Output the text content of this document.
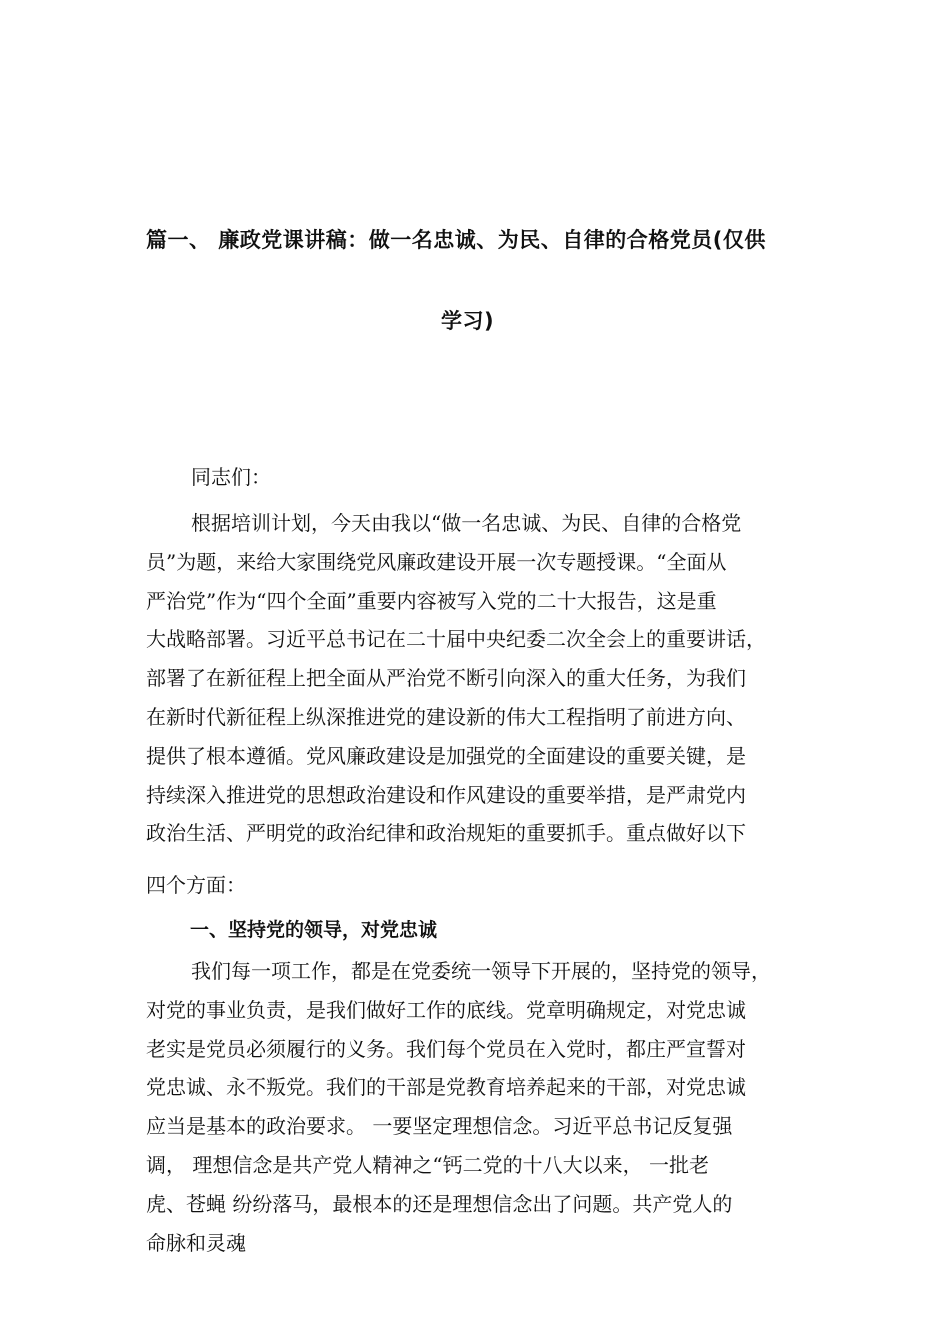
篇一、 廉政党课讲稿：做一名忠诚、为民、自律的合格党员(仅供
学习)
同志们：
根据培训计划，今天由我以“做一名忠诚、为民、自律的合格党
员”为题，来给大家围绕党风廉政建设开展一次专题授课。“全面从
严治党”作为“四个全面”重要内容被写入党的二十大报告，这是重
大战略部署。习近平总书记在二十届中央纪委二次全会上的重要讲话，
部署了在新征程上把全面从严治党不断引向深入的重大任务，为我们
在新时代新征程上纵深推进党的建设新的伟大工程指明了前进方向、
提供了根本遵循。党风廉政建设是加强党的全面建设的重要关键，是
持续深入推进党的思想政治建设和作风建设的重要举措，是严肃党内
政治生活、严明党的政治纪律和政治规矩的重要抓手。重点做好以下
四个方面：
一、坚持党的领导，对党忠诚
我们每一项工作，都是在党委统一领导下开展的，坚持党的领导，
对党的事业负责，是我们做好工作的底线。党章明确规定，对党忠诚
老实是党员必须履行的义务。我们每个党员在入党时，都庄严宣誓对
党忠诚、永不叛党。我们的干部是党教育培养起来的干部，对党忠诚
应当是基本的政治要求。 一要坚定理想信念。习近平总书记反复强
调， 理想信念是共产党人精神之“钙二党的十八大以来， 一批老
虎、苍蝇 纷纷落马，最根本的还是理想信念出了问题。共产党人的
命脉和灵魂
